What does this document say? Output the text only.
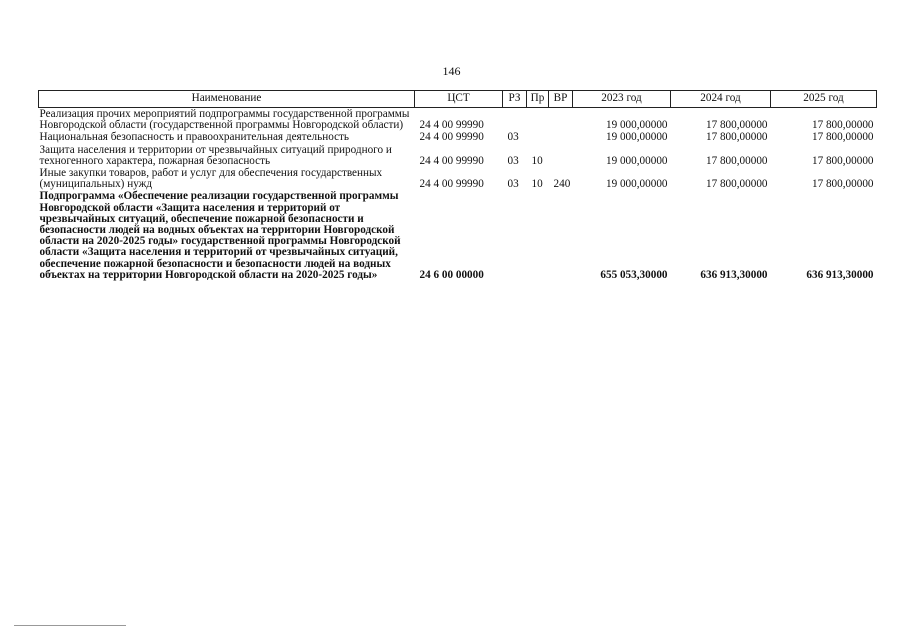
146
Наименование	ЦСТ	РЗ	Пр	ВР	2023 год	2024 год	2025 год
Реализация прочих мероприятий подпрограммы государственной программы Новгородской области (государственной программы Новгородской области)	24 4 00 99990				19 000,00000	17 800,00000	17 800,00000
Национальная безопасность и правоохранительная деятельность	24 4 00 99990	03			19 000,00000	17 800,00000	17 800,00000
Защита населения и территории от чрезвычайных ситуаций природного и техногенного характера, пожарная безопасность	24 4 00 99990	03	10		19 000,00000	17 800,00000	17 800,00000
Иные закупки товаров, работ и услуг для обеспечения государственных (муниципальных) нужд	24 4 00 99990	03	10	240	19 000,00000	17 800,00000	17 800,00000
Подпрограмма «Обеспечение реализации государственной программы Новгородской области «Защита населения и территорий от чрезвычайных ситуаций, обеспечение пожарной безопасности и безопасности людей на водных объектах на территории Новгородской области на 2020-2025 годы» государственной программы Новгородской области «Защита населения и территорий от чрезвычайных ситуаций, обеспечение пожарной безопасности и безопасности людей на водных объектах на территории Новгородской области на 2020-2025 годы»	24 6 00 00000				655 053,30000	636 913,30000	636 913,30000
